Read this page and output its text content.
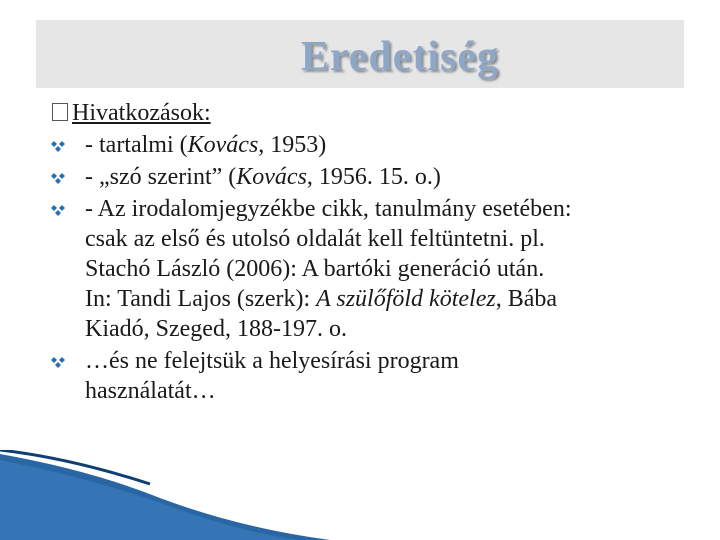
Eredetiség
Hivatkozások:
- tartalmi (Kovács, 1953)
- „szó szerint” (Kovács, 1956. 15. o.)
- Az irodalomjegyzékbe cikk, tanulmány esetében:
csak az első és utolsó oldalát kell feltüntetni. pl.
Stachó László (2006): A bartóki generáció után.
In: Tandi Lajos (szerk): A szülőföld kötelez, Bába
Kiadó, Szeged, 188-197. o.
…és ne felejtsük a helyesírási program
használatát…
